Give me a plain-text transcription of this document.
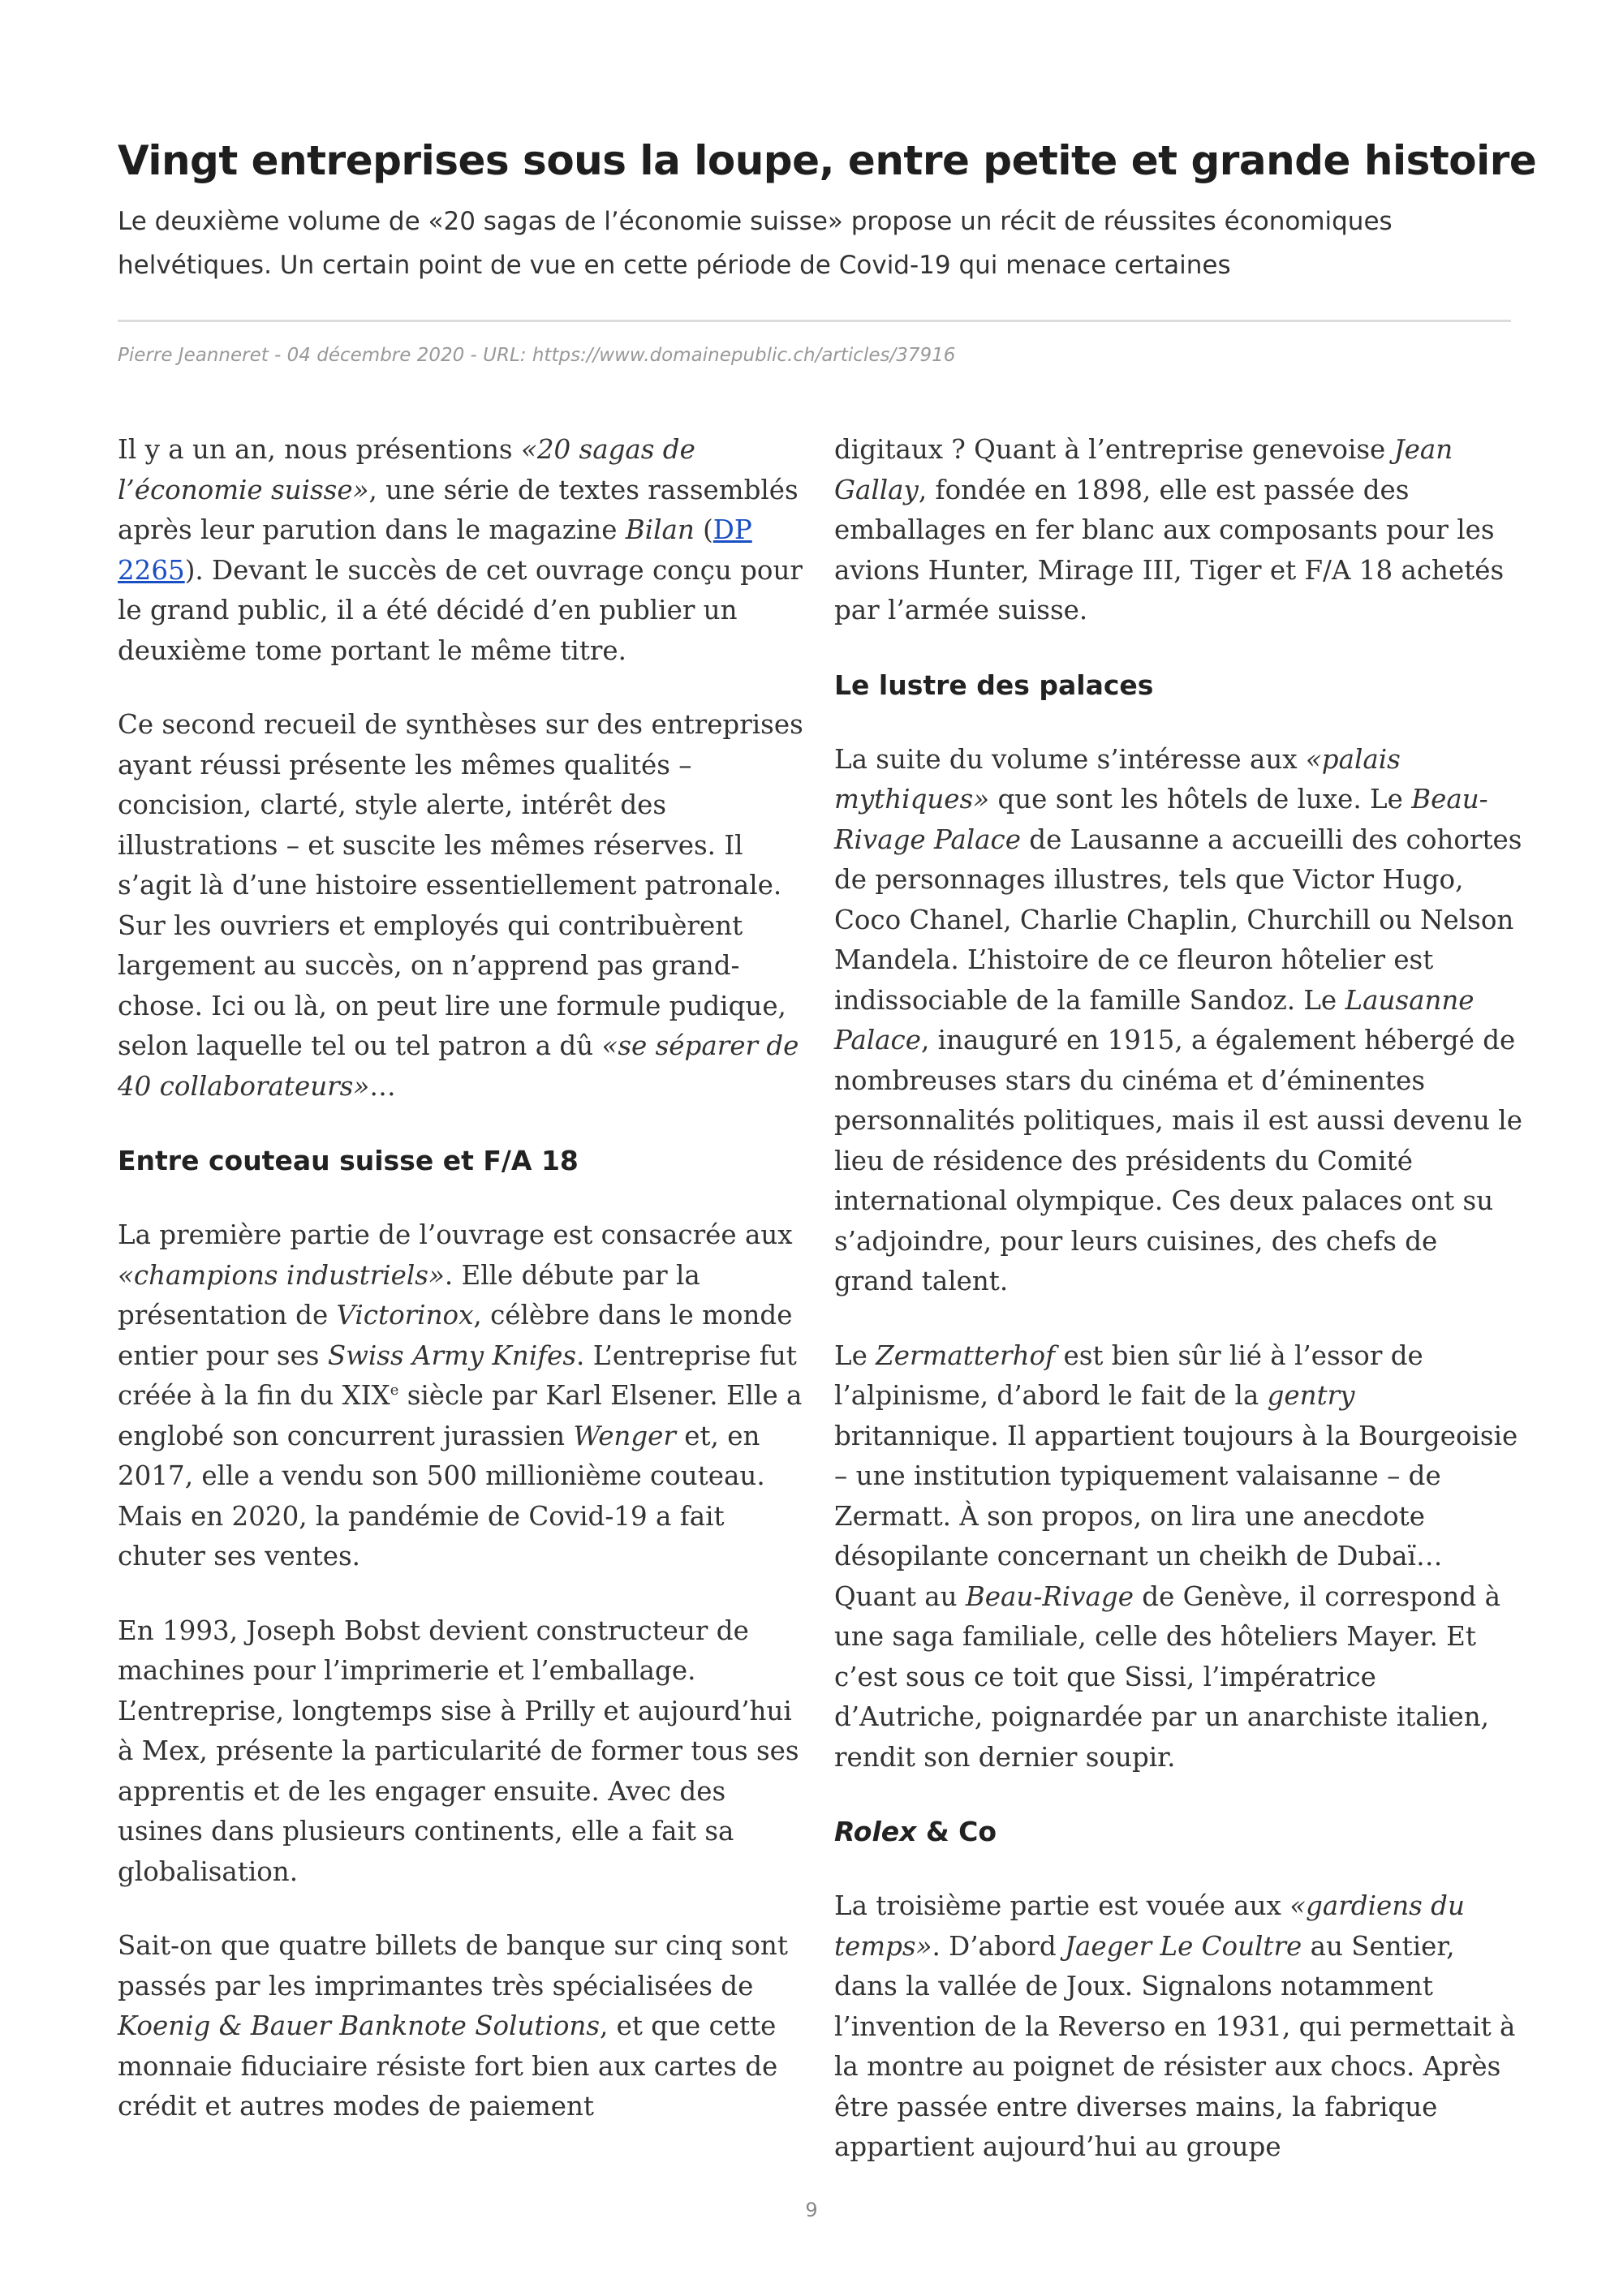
Vingt entreprises sous la loupe, entre petite et grande histoire
Le deuxième volume de «20 sagas de l’économie suisse» propose un récit de réussites économiques
helvétiques. Un certain point de vue en cette période de Covid-19 qui menace certaines
Pierre Jeanneret - 04 décembre 2020 - URL: https://www.domainepublic.ch/articles/37916

Il y a un an, nous présentions «20 sagas de l’économie suisse», une série de textes rassemblés après leur parution dans le magazine Bilan (DP 2265). Devant le succès de cet ouvrage conçu pour le grand public, il a été décidé d’en publier un deuxième tome portant le même titre.

Ce second recueil de synthèses sur des entreprises ayant réussi présente les mêmes qualités – concision, clarté, style alerte, intérêt des illustrations – et suscite les mêmes réserves. Il s’agit là d’une histoire essentiellement patronale. Sur les ouvriers et employés qui contribuèrent largement au succès, on n’apprend pas grand-chose. Ici ou là, on peut lire une formule pudique, selon laquelle tel ou tel patron a dû «se séparer de 40 collaborateurs»…

Entre couteau suisse et F/A 18

La première partie de l’ouvrage est consacrée aux «champions industriels». Elle débute par la présentation de Victorinox, célèbre dans le monde entier pour ses Swiss Army Knifes. L’entreprise fut créée à la fin du XIXe siècle par Karl Elsener. Elle a englobé son concurrent jurassien Wenger et, en 2017, elle a vendu son 500 millionième couteau. Mais en 2020, la pandémie de Covid-19 a fait chuter ses ventes.

En 1993, Joseph Bobst devient constructeur de machines pour l’imprimerie et l’emballage. L’entreprise, longtemps sise à Prilly et aujourd’hui à Mex, présente la particularité de former tous ses apprentis et de les engager ensuite. Avec des usines dans plusieurs continents, elle a fait sa globalisation.

Sait-on que quatre billets de banque sur cinq sont passés par les imprimantes très spécialisées de Koenig & Bauer Banknote Solutions, et que cette monnaie fiduciaire résiste fort bien aux cartes de crédit et autres modes de paiement

digitaux ? Quant à l’entreprise genevoise Jean Gallay, fondée en 1898, elle est passée des emballages en fer blanc aux composants pour les avions Hunter, Mirage III, Tiger et F/A 18 achetés par l’armée suisse.

Le lustre des palaces

La suite du volume s’intéresse aux «palais mythiques» que sont les hôtels de luxe. Le Beau-Rivage Palace de Lausanne a accueilli des cohortes de personnages illustres, tels que Victor Hugo, Coco Chanel, Charlie Chaplin, Churchill ou Nelson Mandela. L’histoire de ce fleuron hôtelier est indissociable de la famille Sandoz. Le Lausanne Palace, inauguré en 1915, a également hébergé de nombreuses stars du cinéma et d’éminentes personnalités politiques, mais il est aussi devenu le lieu de résidence des présidents du Comité international olympique. Ces deux palaces ont su s’adjoindre, pour leurs cuisines, des chefs de grand talent.

Le Zermatterhof est bien sûr lié à l’essor de l’alpinisme, d’abord le fait de la gentry britannique. Il appartient toujours à la Bourgeoisie – une institution typiquement valaisanne – de Zermatt. À son propos, on lira une anecdote désopilante concernant un cheikh de Dubaï… Quant au Beau-Rivage de Genève, il correspond à une saga familiale, celle des hôteliers Mayer. Et c’est sous ce toit que Sissi, l’impératrice d’Autriche, poignardée par un anarchiste italien, rendit son dernier soupir.

Rolex & Co

La troisième partie est vouée aux «gardiens du temps». D’abord Jaeger Le Coultre au Sentier, dans la vallée de Joux. Signalons notamment l’invention de la Reverso en 1931, qui permettait à la montre au poignet de résister aux chocs. Après être passée entre diverses mains, la fabrique appartient aujourd’hui au groupe

9
